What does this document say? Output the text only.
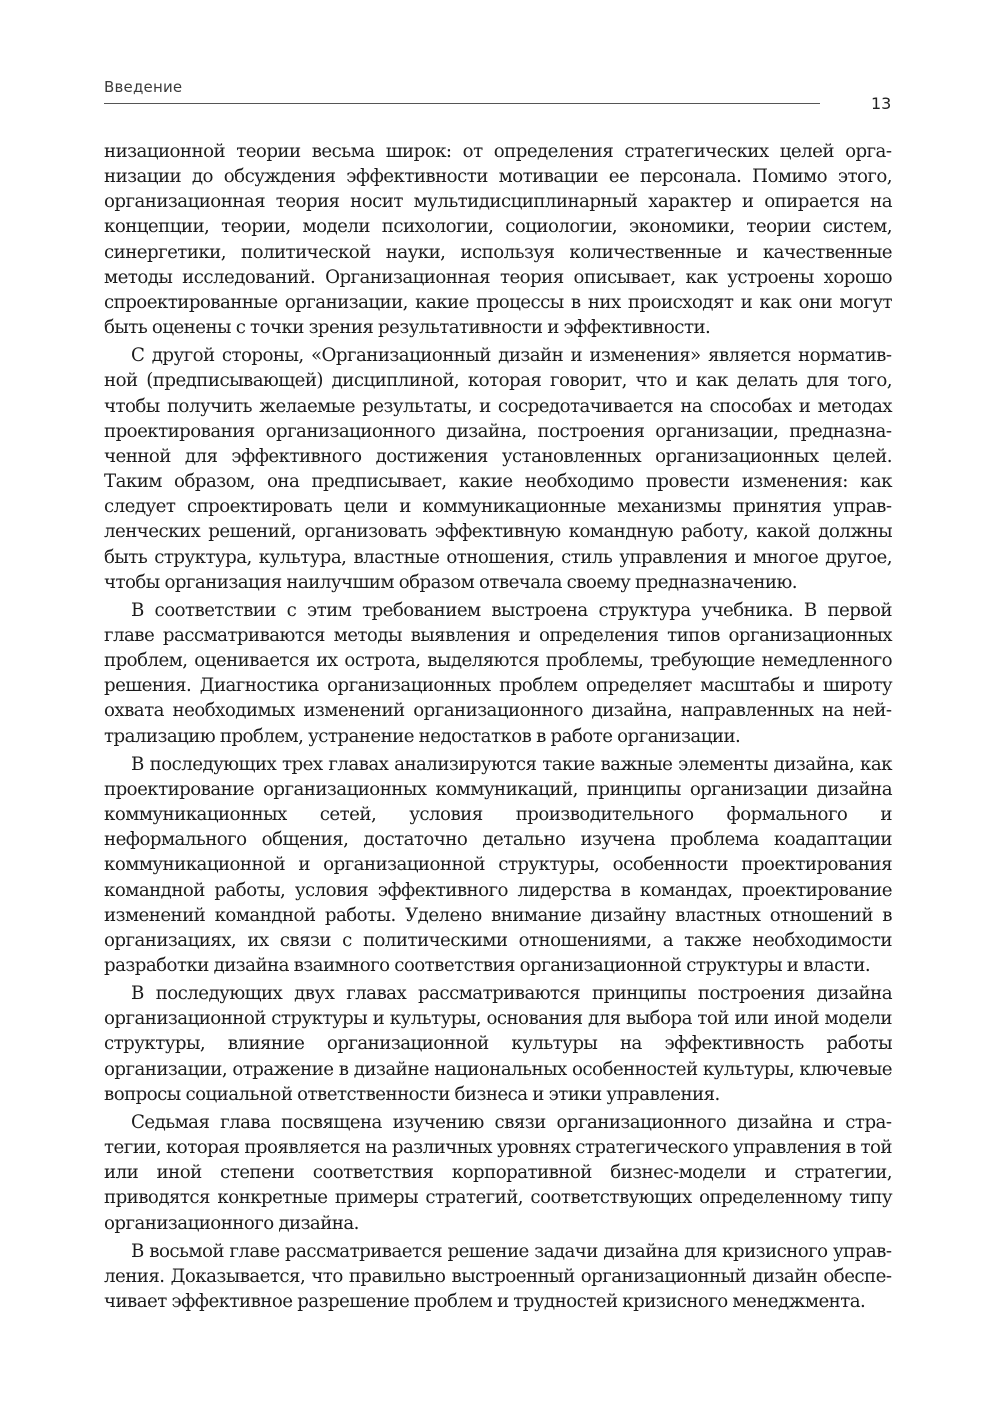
Введение
13

низационной теории весьма широк: от определения стратегических целей организации до обсуждения эффективности мотивации ее персонала. Помимо этого, организационная теория носит мультидисциплинарный характер и опирается на концепции, теории, модели психологии, социологии, экономики, теории систем, синергетики, политической науки, используя количественные и качественные методы исследований. Организационная теория описывает, как устроены хорошо спроектированные организации, какие процессы в них происходят и как они могут быть оценены с точки зрения результативности и эффективности.

С другой стороны, «Организационный дизайн и изменения» является нормативной (предписывающей) дисциплиной, которая говорит, что и как делать для того, чтобы получить желаемые результаты, и сосредотачивается на способах и методах проектирования организационного дизайна, построения организации, предназначенной для эффективного достижения установленных организационных целей. Таким образом, она предписывает, какие необходимо провести изменения: как следует спроектировать цели и коммуникационные механизмы принятия управленческих решений, организовать эффективную командную работу, какой должны быть структура, культура, властные отношения, стиль управления и многое другое, чтобы организация наилучшим образом отвечала своему предназначению.

В соответствии с этим требованием выстроена структура учебника. В первой главе рассматриваются методы выявления и определения типов организационных проблем, оценивается их острота, выделяются проблемы, требующие немедленного решения. Диагностика организационных проблем определяет масштабы и широту охвата необходимых изменений организационного дизайна, направленных на нейтрализацию проблем, устранение недостатков в работе организации.

В последующих трех главах анализируются такие важные элементы дизайна, как проектирование организационных коммуникаций, принципы организации дизайна коммуникационных сетей, условия производительного формального и неформального общения, достаточно детально изучена проблема коадаптации коммуникационной и организационной структуры, особенности проектирования командной работы, условия эффективного лидерства в командах, проектирование изменений командной работы. Уделено внимание дизайну властных отношений в организациях, их связи с политическими отношениями, а также необходимости разработки дизайна взаимного соответствия организационной структуры и власти.

В последующих двух главах рассматриваются принципы построения дизайна организационной структуры и культуры, основания для выбора той или иной модели структуры, влияние организационной культуры на эффективность работы организации, отражение в дизайне национальных особенностей культуры, ключевые вопросы социальной ответственности бизнеса и этики управления.

Седьмая глава посвящена изучению связи организационного дизайна и стратегии, которая проявляется на различных уровнях стратегического управления в той или иной степени соответствия корпоративной бизнес-модели и стратегии, приводятся конкретные примеры стратегий, соответствующих определенному типу организационного дизайна.

В восьмой главе рассматривается решение задачи дизайна для кризисного управления. Доказывается, что правильно выстроенный организационный дизайн обеспечивает эффективное разрешение проблем и трудностей кризисного менеджмента.
